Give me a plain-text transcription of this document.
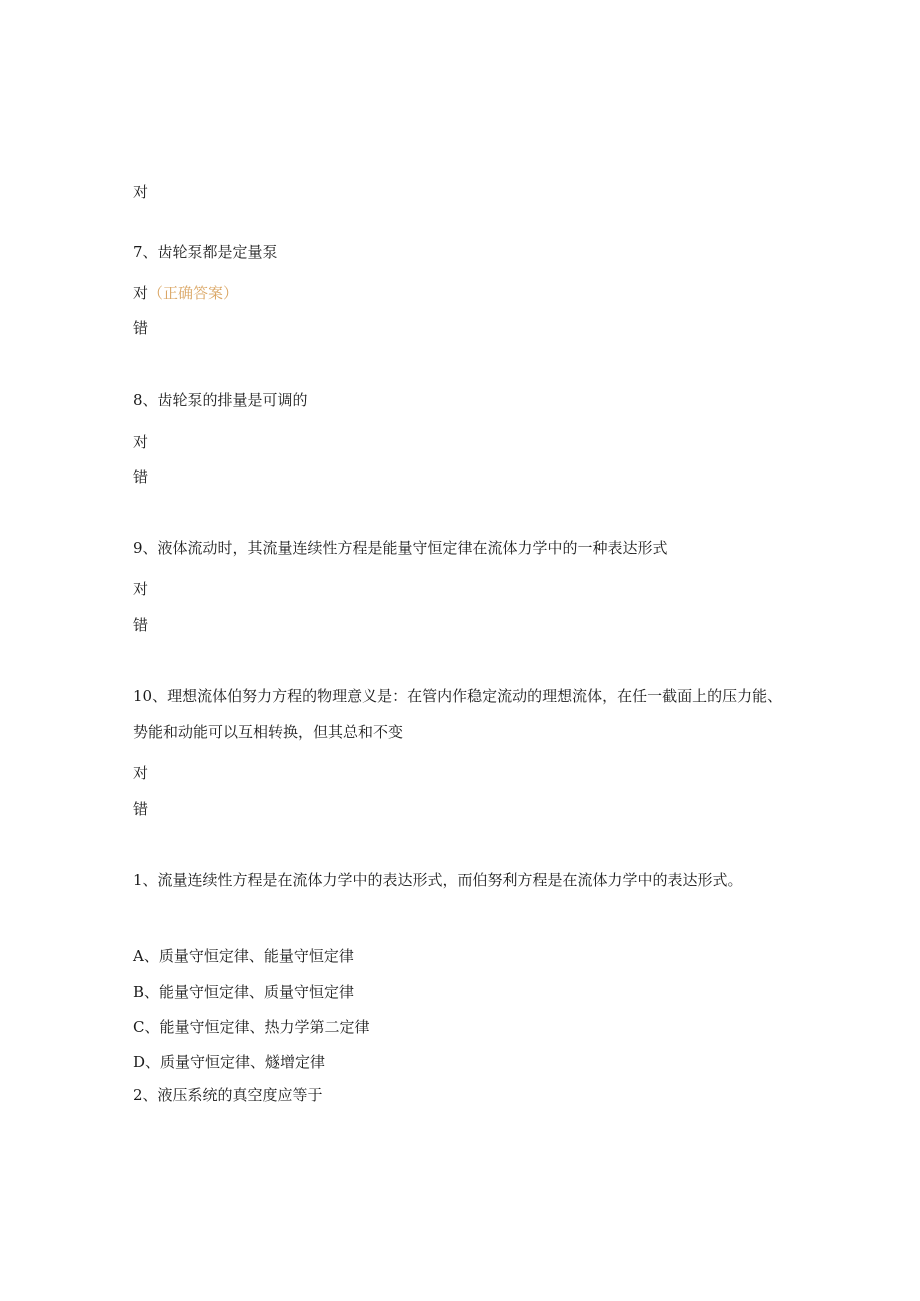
对
7、齿轮泵都是定量泵
对（正确答案）
错
8、齿轮泵的排量是可调的
对
错
9、液体流动时，其流量连续性方程是能量守恒定律在流体力学中的一种表达形式
对
错
10、理想流体伯努力方程的物理意义是：在管内作稳定流动的理想流体，在任一截面上的压力能、势能和动能可以互相转换，但其总和不变
对
错
1、流量连续性方程是在流体力学中的表达形式，而伯努利方程是在流体力学中的表达形式。
A、质量守恒定律、能量守恒定律
B、能量守恒定律、质量守恒定律
C、能量守恒定律、热力学第二定律
D、质量守恒定律、燧增定律
2、液压系统的真空度应等于
